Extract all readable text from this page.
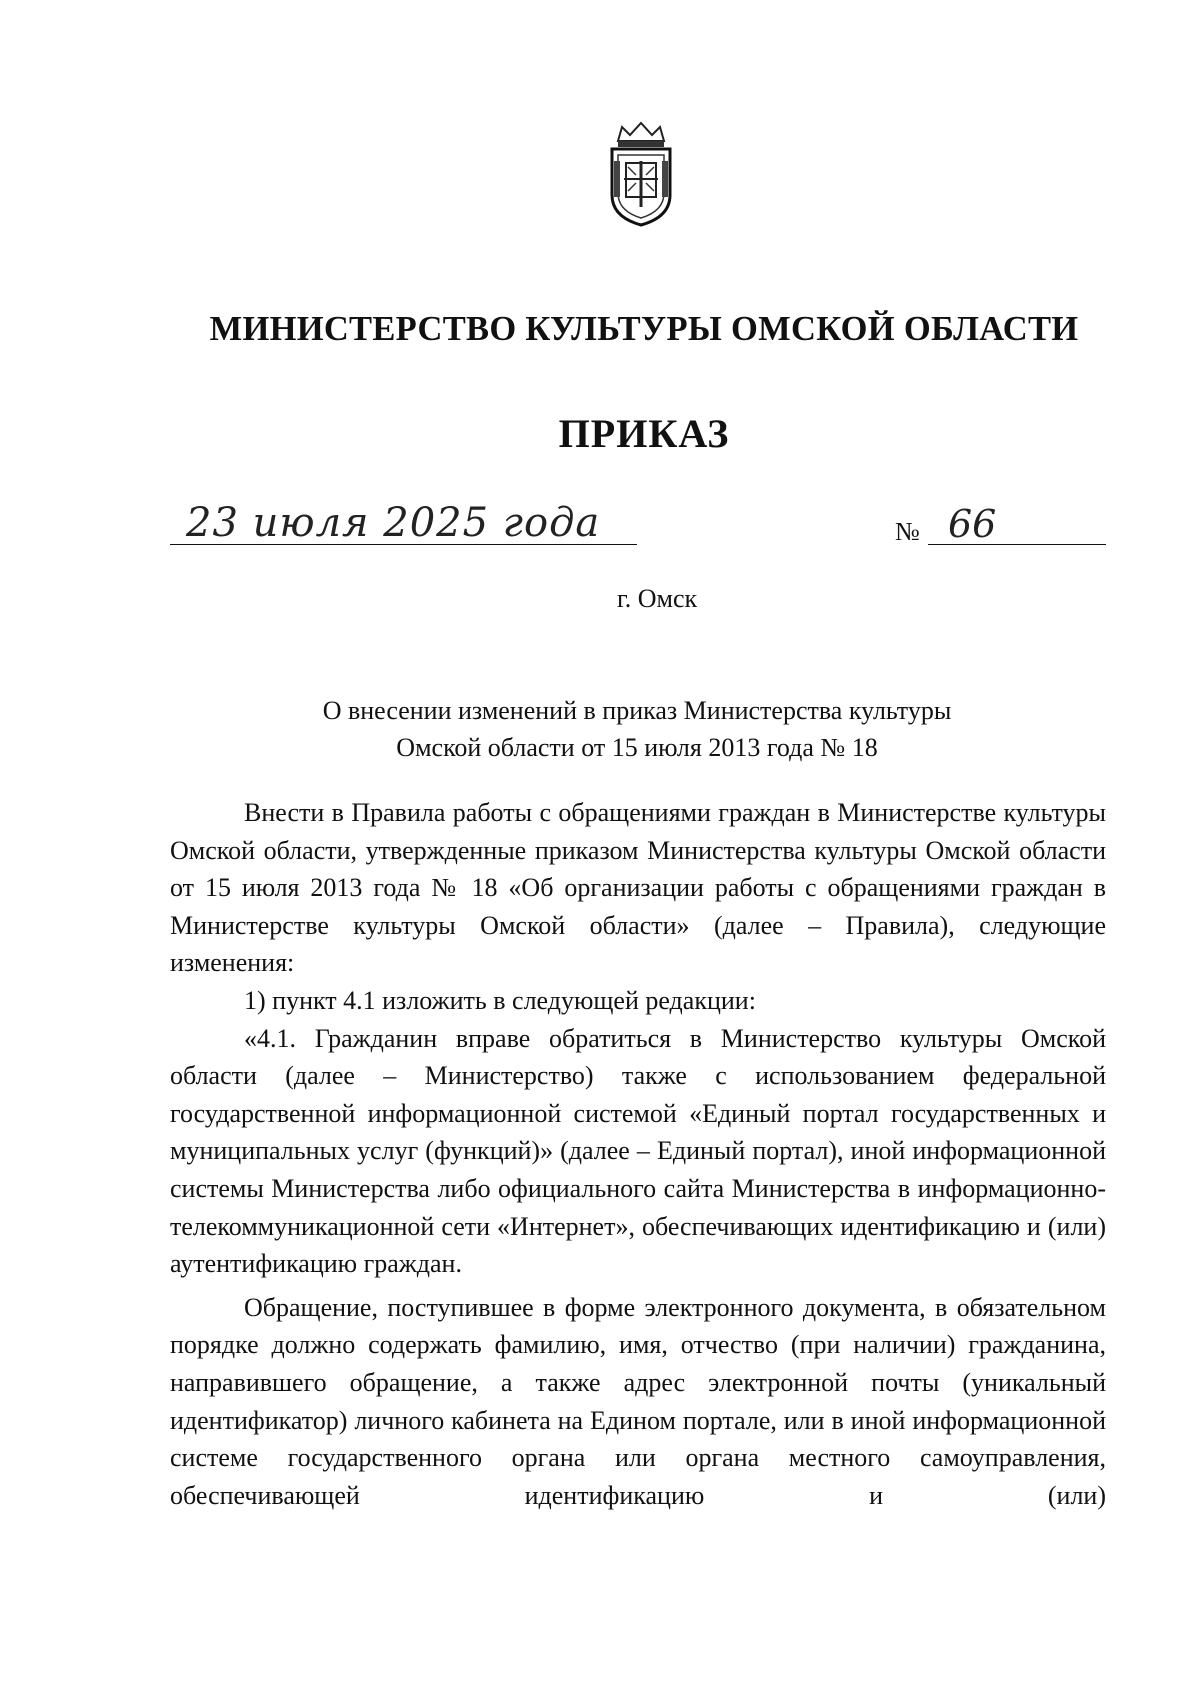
МИНИСТЕРСТВО КУЛЬТУРЫ ОМСКОЙ ОБЛАСТИ
ПРИКАЗ
23 июля 2025 года	№ 66
г. Омск
О внесении изменений в приказ Министерства культуры
Омской области от 15 июля 2013 года № 18

Внести в Правила работы с обращениями граждан в Министерстве культуры Омской области, утвержденные приказом Министерства культуры Омской области от 15 июля 2013 года № 18 «Об организации работы с обращениями граждан в Министерстве культуры Омской области» (далее – Правила), следующие изменения:

1) пункт 4.1 изложить в следующей редакции:

«4.1. Гражданин вправе обратиться в Министерство культуры Омской области (далее – Министерство) также с использованием федеральной государственной информационной системой «Единый портал государственных и муниципальных услуг (функций)» (далее – Единый портал), иной информационной системы Министерства либо официального сайта Министерства в информационно-телекоммуникационной сети «Интернет», обеспечивающих идентификацию и (или) аутентификацию граждан.

Обращение, поступившее в форме электронного документа, в обязательном порядке должно содержать фамилию, имя, отчество (при наличии) гражданина, направившего обращение, а также адрес электронной почты (уникальный идентификатор) личного кабинета на Едином портале, или в иной информационной системе государственного органа или органа местного самоуправления, обеспечивающей идентификацию и (или)
